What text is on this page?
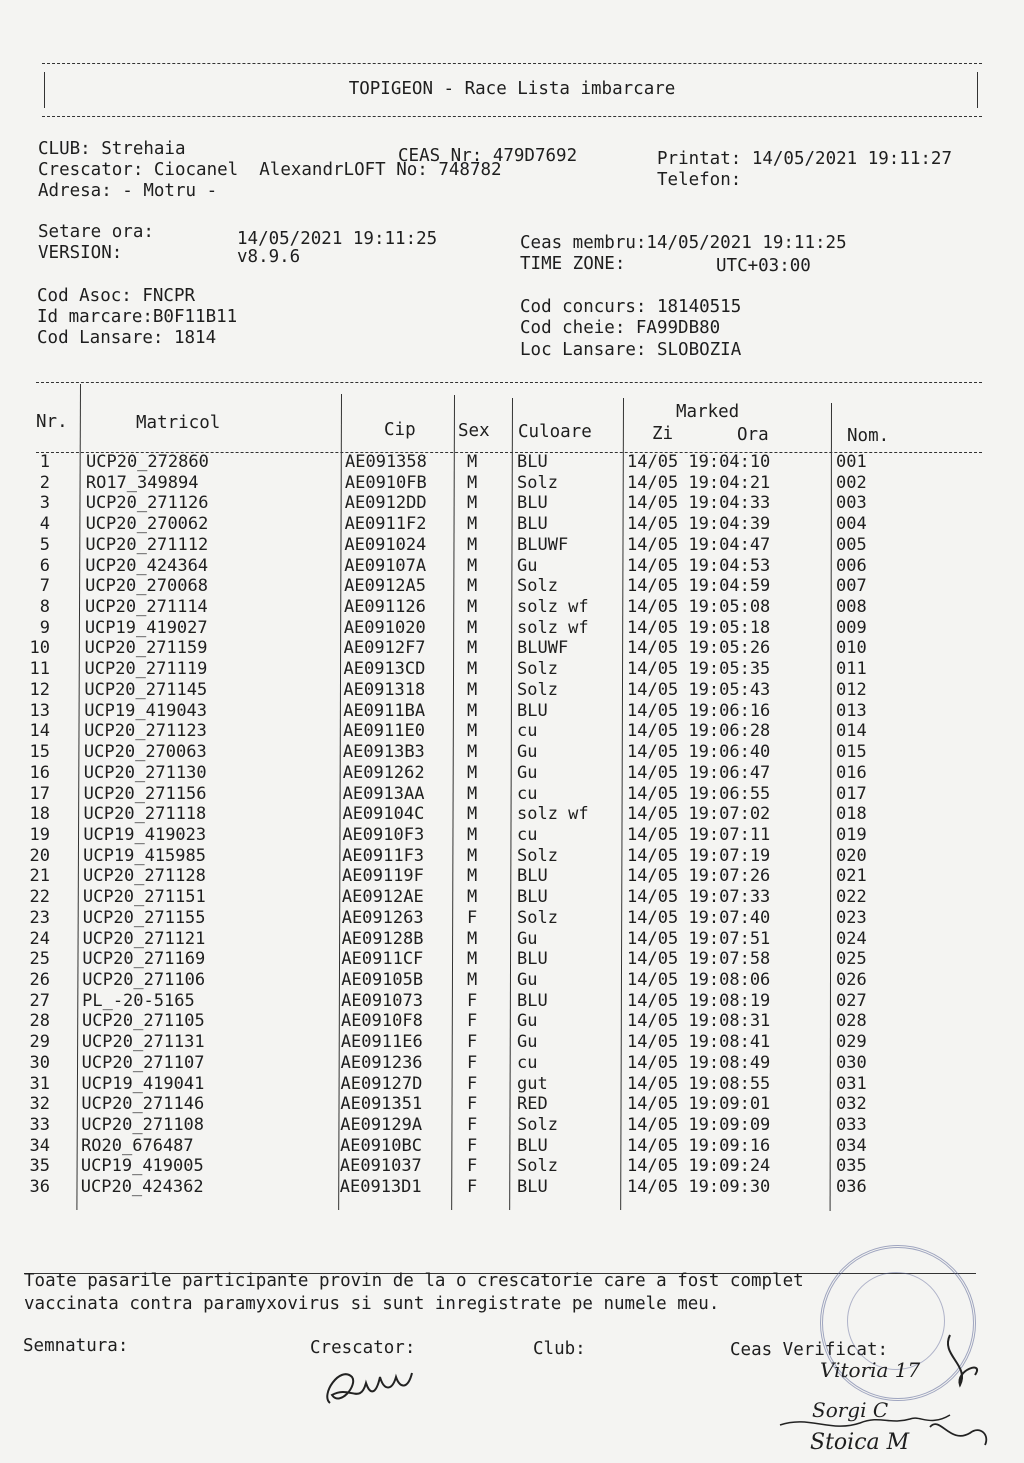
TOPIGEON - Race Lista imbarcare
CLUB: Strehaia
Crescator: Ciocanel  AlexandrLOFT No: 748782
Adresa: - Motru -
CEAS Nr: 479D7692	Printat: 14/05/2021 19:11:27
Telefon:
Setare ora:	14/05/2021 19:11:25
VERSION:	v8.9.6
Ceas membru:14/05/2021 19:11:25
TIME ZONE:	UTC+03:00
Cod Asoc: FNCPR
Id marcare:B0F11B11
Cod Lansare: 1814
Cod concurs: 18140515
Cod cheie: FA99DB80
Loc Lansare: SLOBOZIA
Nr.	Matricol	Cip Sex Culoare
Marked
Zi	Ora	Nom.
1 UCP20_272860	AE091358 M BLU	14/05 19:04:10	001
2 RO17_349894	AE0910FB M Solz	14/05 19:04:21	002
3 UCP20_271126	AE0912DD M BLU	14/05 19:04:33	003
4 UCP20_270062	AE0911F2 M BLU	14/05 19:04:39	004
5 UCP20_271112	AE091024 M BLUWF	14/05 19:04:47	005
6 UCP20_424364	AE09107A M Gu	14/05 19:04:53	006
7 UCP20_270068	AE0912A5 M Solz	14/05 19:04:59	007
8 UCP20_271114	AE091126 M solz wf 14/05 19:05:08	008
9 UCP19_419027	AE091020 M solz wf 14/05 19:05:18	009
10 UCP20_271159	AE0912F7 M BLUWF	14/05 19:05:26	010
11 UCP20_271119	AE0913CD M Solz	14/05 19:05:35	011
12 UCP20_271145	AE091318 M Solz	14/05 19:05:43	012
13 UCP19_419043	AE0911BA M BLU	14/05 19:06:16	013
14 UCP20_271123	AE0911E0 M cu	14/05 19:06:28	014
15 UCP20_270063	AE0913B3 M Gu	14/05 19:06:40	015
16 UCP20_271130	AE091262 M Gu	14/05 19:06:47	016
17 UCP20_271156	AE0913AA	M cu	14/05 19:06:55	017
18 UCP20_271118	AE09104C	M solz wf 14/05 19:07:02	018
19 UCP19_419023	AE0910F3	M cu	14/05 19:07:11	019
20 UCP19_415985	AE0911F3	M Solz	14/05 19:07:19	020
21 UCP20_271128	AE09119F	M BLU	14/05 19:07:26	021
22 UCP20_271151	AE0912AE	M BLU	14/05 19:07:33	022
23 UCP20_271155	AE091263	F Solz	14/05 19:07:40	023
24 UCP20_271121	AE09128B	M Gu	14/05 19:07:51	024
25 UCP20_271169	AE0911CF	M BLU	14/05 19:07:58	025
26 UCP20_271106	AE09105B	M Gu	14/05 19:08:06	026
27 PL_-20-5165	AE091073	F BLU	14/05 19:08:19	027
28 UCP20_271105	AE0910F8	F Gu	14/05 19:08:31	028
29 UCP20_271131	AE0911E6	F Gu	14/05 19:08:41	029
30 UCP20_271107	AE091236	F cu	14/05 19:08:49	030
31 UCP19_419041	AE09127D	F gut	14/05 19:08:55	031
32 UCP20_271146	AE091351	F RED	14/05 19:09:01	032
33 UCP20_271108	AE09129A	F Solz	14/05 19:09:09	033
34 RO20_676487	AE0910BC	F BLU	14/05 19:09:16	034
35 UCP19_419005	AE091037	F Solz	14/05 19:09:24	035
36 UCP20_424362	AE0913D1	F BLU	14/05 19:09:30	036
Toate pasarile participante provin de la o crescatorie care a fost complet
vaccinata contra paramyxovirus si sunt inregistrate pe numele meu.
Semnatura:	Crescator:	Club:	Ceas Verificat:
Vitoria 17
Sorgi C
Stoica M
